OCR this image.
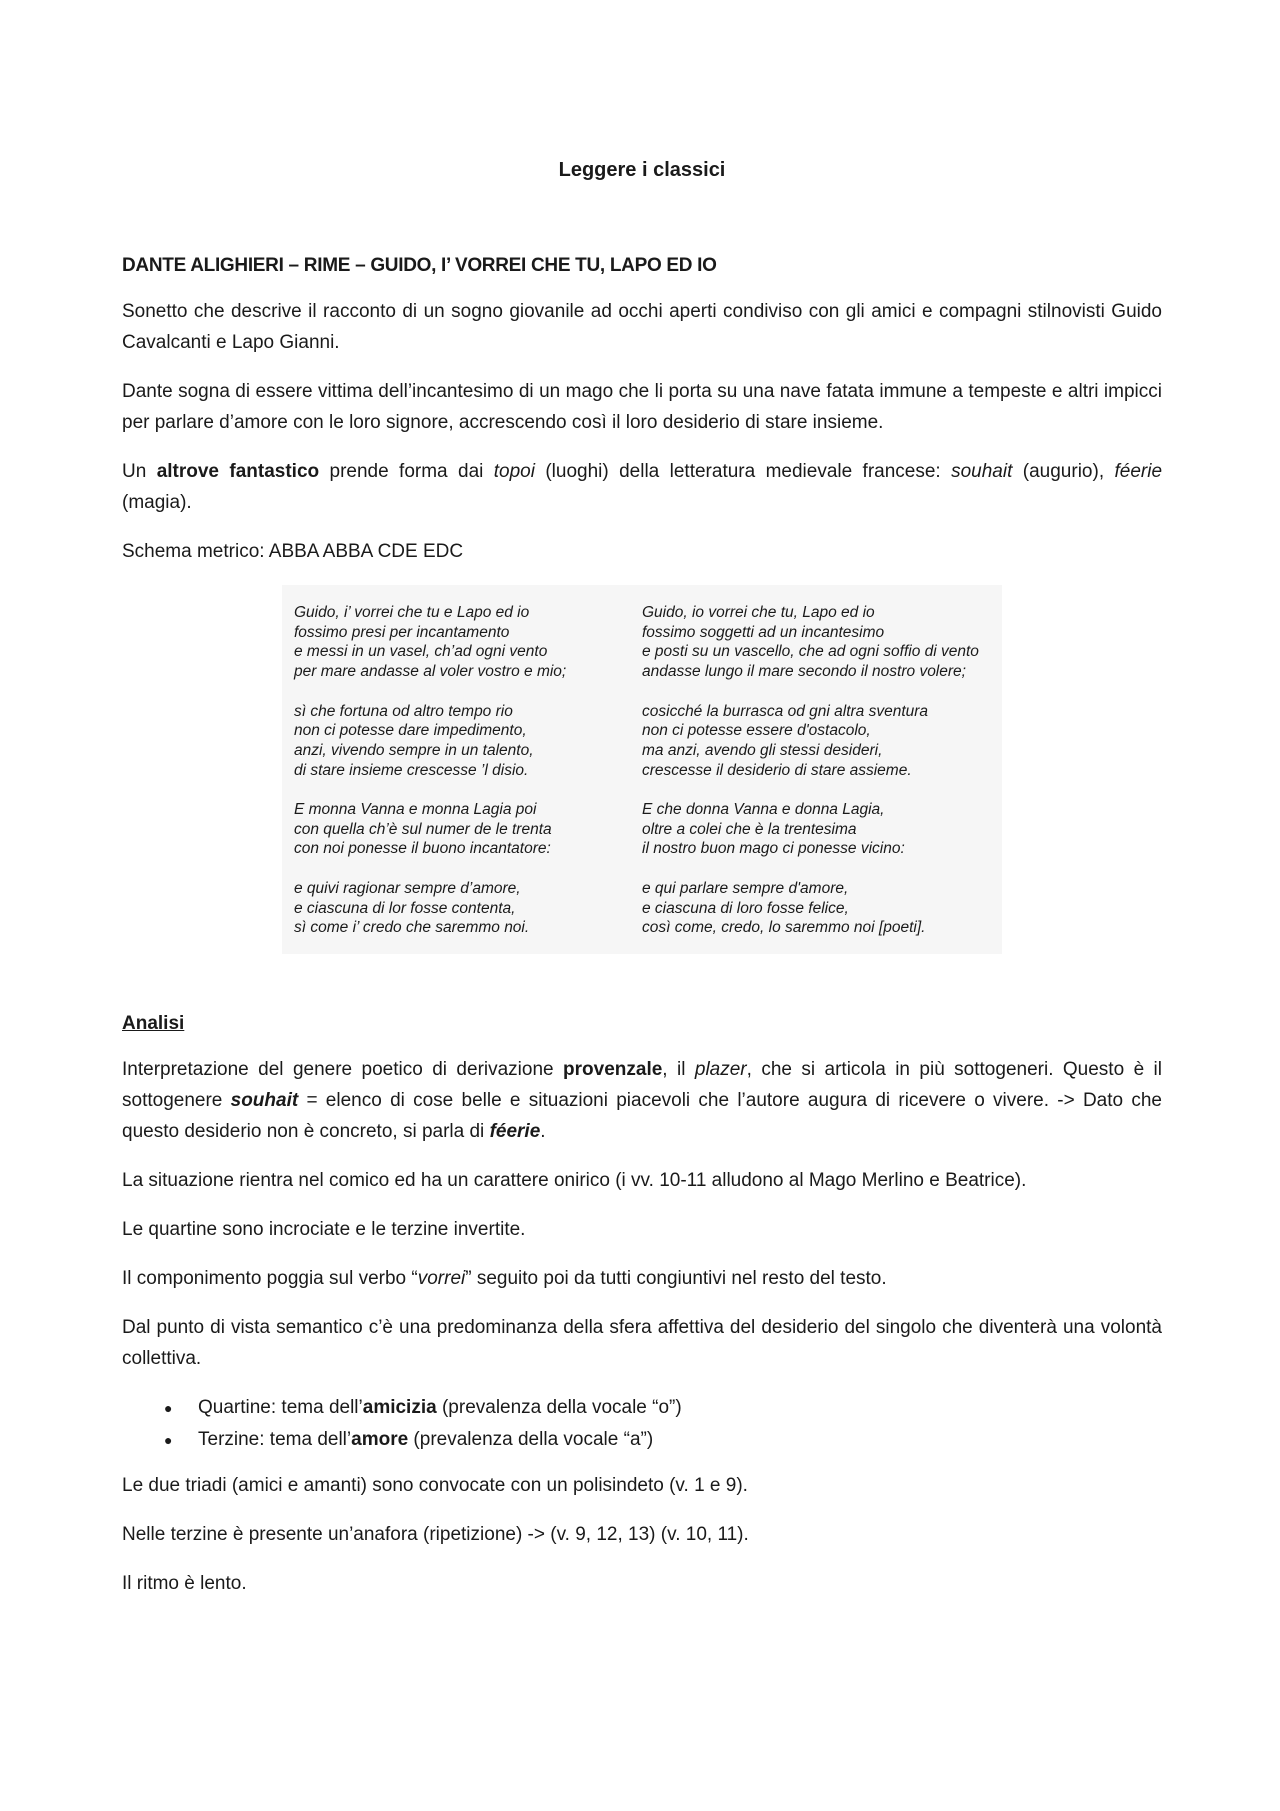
Leggere i classici
DANTE ALIGHIERI – RIME – GUIDO, I’ VORREI CHE TU, LAPO ED IO

Sonetto che descrive il racconto di un sogno giovanile ad occhi aperti condiviso con gli amici e compagni stilnovisti Guido Cavalcanti e Lapo Gianni.

Dante sogna di essere vittima dell’incantesimo di un mago che li porta su una nave fatata immune a tempeste e altri impicci per parlare d’amore con le loro signore, accrescendo così il loro desiderio di stare insieme.

Un altrove fantastico prende forma dai topoi (luoghi) della letteratura medievale francese: souhait (augurio), féerie (magia).

Schema metrico: ABBA ABBA CDE EDC

Guido, i’ vorrei che tu e Lapo ed io
fossimo presi per incantamento
e messi in un vasel, ch’ad ogni vento
per mare andasse al voler vostro e mio;
sì che fortuna od altro tempo rio
non ci potesse dare impedimento,
anzi, vivendo sempre in un talento,
di stare insieme crescesse ’l disio.
E monna Vanna e monna Lagia poi
con quella ch’è sul numer de le trenta
con noi ponesse il buono incantatore:
e quivi ragionar sempre d’amore,
e ciascuna di lor fosse contenta,
sì come i’ credo che saremmo noi.
Guido, io vorrei che tu, Lapo ed io
fossimo soggetti ad un incantesimo
e posti su un vascello, che ad ogni soffio di vento
andasse lungo il mare secondo il nostro volere;
cosicché la burrasca od gni altra sventura
non ci potesse essere d'ostacolo,
ma anzi, avendo gli stessi desideri,
crescesse il desiderio di stare assieme.
E che donna Vanna e donna Lagia,
oltre a colei che è la trentesima
il nostro buon mago ci ponesse vicino:
e qui parlare sempre d'amore,
e ciascuna di loro fosse felice,
così come, credo, lo saremmo noi [poeti].
Analisi

Interpretazione del genere poetico di derivazione provenzale, il plazer, che si articola in più sottogeneri. Questo è il sottogenere souhait = elenco di cose belle e situazioni piacevoli che l’autore augura di ricevere o vivere. -> Dato che questo desiderio non è concreto, si parla di féerie.

La situazione rientra nel comico ed ha un carattere onirico (i vv. 10-11 alludono al Mago Merlino e Beatrice).

Le quartine sono incrociate e le terzine invertite.

Il componimento poggia sul verbo “vorrei” seguito poi da tutti congiuntivi nel resto del testo.

Dal punto di vista semantico c’è una predominanza della sfera affettiva del desiderio del singolo che diventerà una volontà collettiva.

● Quartine: tema dell’amicizia (prevalenza della vocale “o”)
● Terzine: tema dell’amore (prevalenza della vocale “a”)

Le due triadi (amici e amanti) sono convocate con un polisindeto (v. 1 e 9).

Nelle terzine è presente un’anafora (ripetizione) -> (v. 9, 12, 13) (v. 10, 11).

Il ritmo è lento.
